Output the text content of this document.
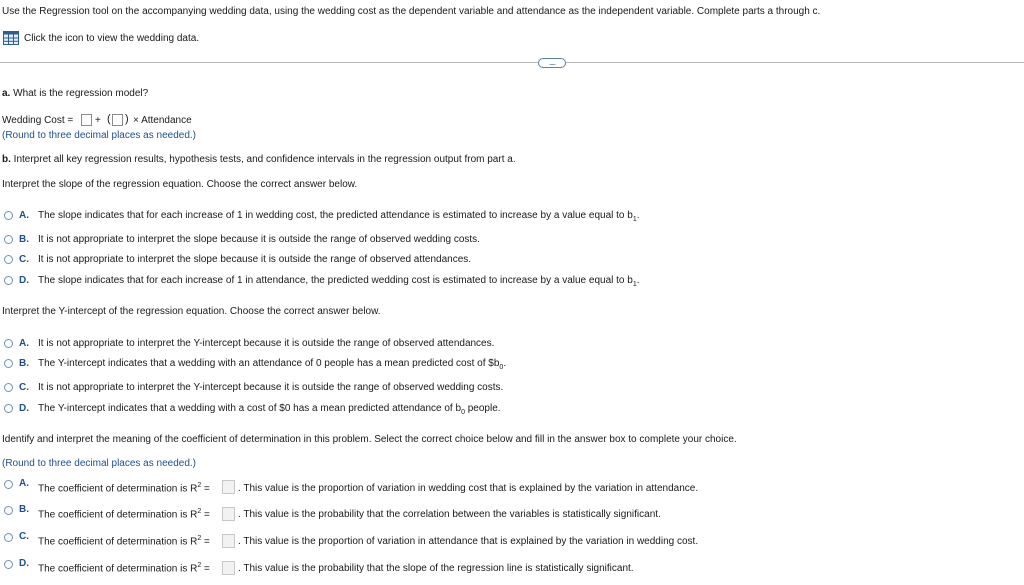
Use the Regression tool on the accompanying wedding data, using the wedding cost as the dependent variable and attendance as the independent variable. Complete parts a through c.
Click the icon to view the wedding data.
.....
a. What is the regression model?
Wedding Cost = + ( ) × Attendance
(Round to three decimal places as needed.)
b. Interpret all key regression results, hypothesis tests, and confidence intervals in the regression output from part a.
Interpret the slope of the regression equation. Choose the correct answer below.
A. The slope indicates that for each increase of 1 in wedding cost, the predicted attendance is estimated to increase by a value equal to $b_1$.
B. It is not appropriate to interpret the slope because it is outside the range of observed wedding costs.
C. It is not appropriate to interpret the slope because it is outside the range of observed attendances.
D. The slope indicates that for each increase of 1 in attendance, the predicted wedding cost is estimated to increase by a value equal to $b_1$.
Interpret the Y-intercept of the regression equation. Choose the correct answer below.
A. It is not appropriate to interpret the Y-intercept because it is outside the range of observed attendances.
B. The Y-intercept indicates that a wedding with an attendance of 0 people has a mean predicted cost of $\$b_0$.
C. It is not appropriate to interpret the Y-intercept because it is outside the range of observed wedding costs.
D. The Y-intercept indicates that a wedding with a cost of $0 has a mean predicted attendance of $b_0$ people.
Identify and interpret the meaning of the coefficient of determination in this problem. Select the correct choice below and fill in the answer box to complete your choice.
(Round to three decimal places as needed.)
A. The coefficient of determination is $R^2$ =	. This value is the proportion of variation in wedding cost that is explained by the variation in attendance.
B. The coefficient of determination is $R^2$ =	. This value is the probability that the correlation between the variables is statistically significant.
C. The coefficient of determination is $R^2$ =	. This value is the proportion of variation in attendance that is explained by the variation in wedding cost.
D. The coefficient of determination is $R^2$ =	. This value is the probability that the slope of the regression line is statistically significant.
